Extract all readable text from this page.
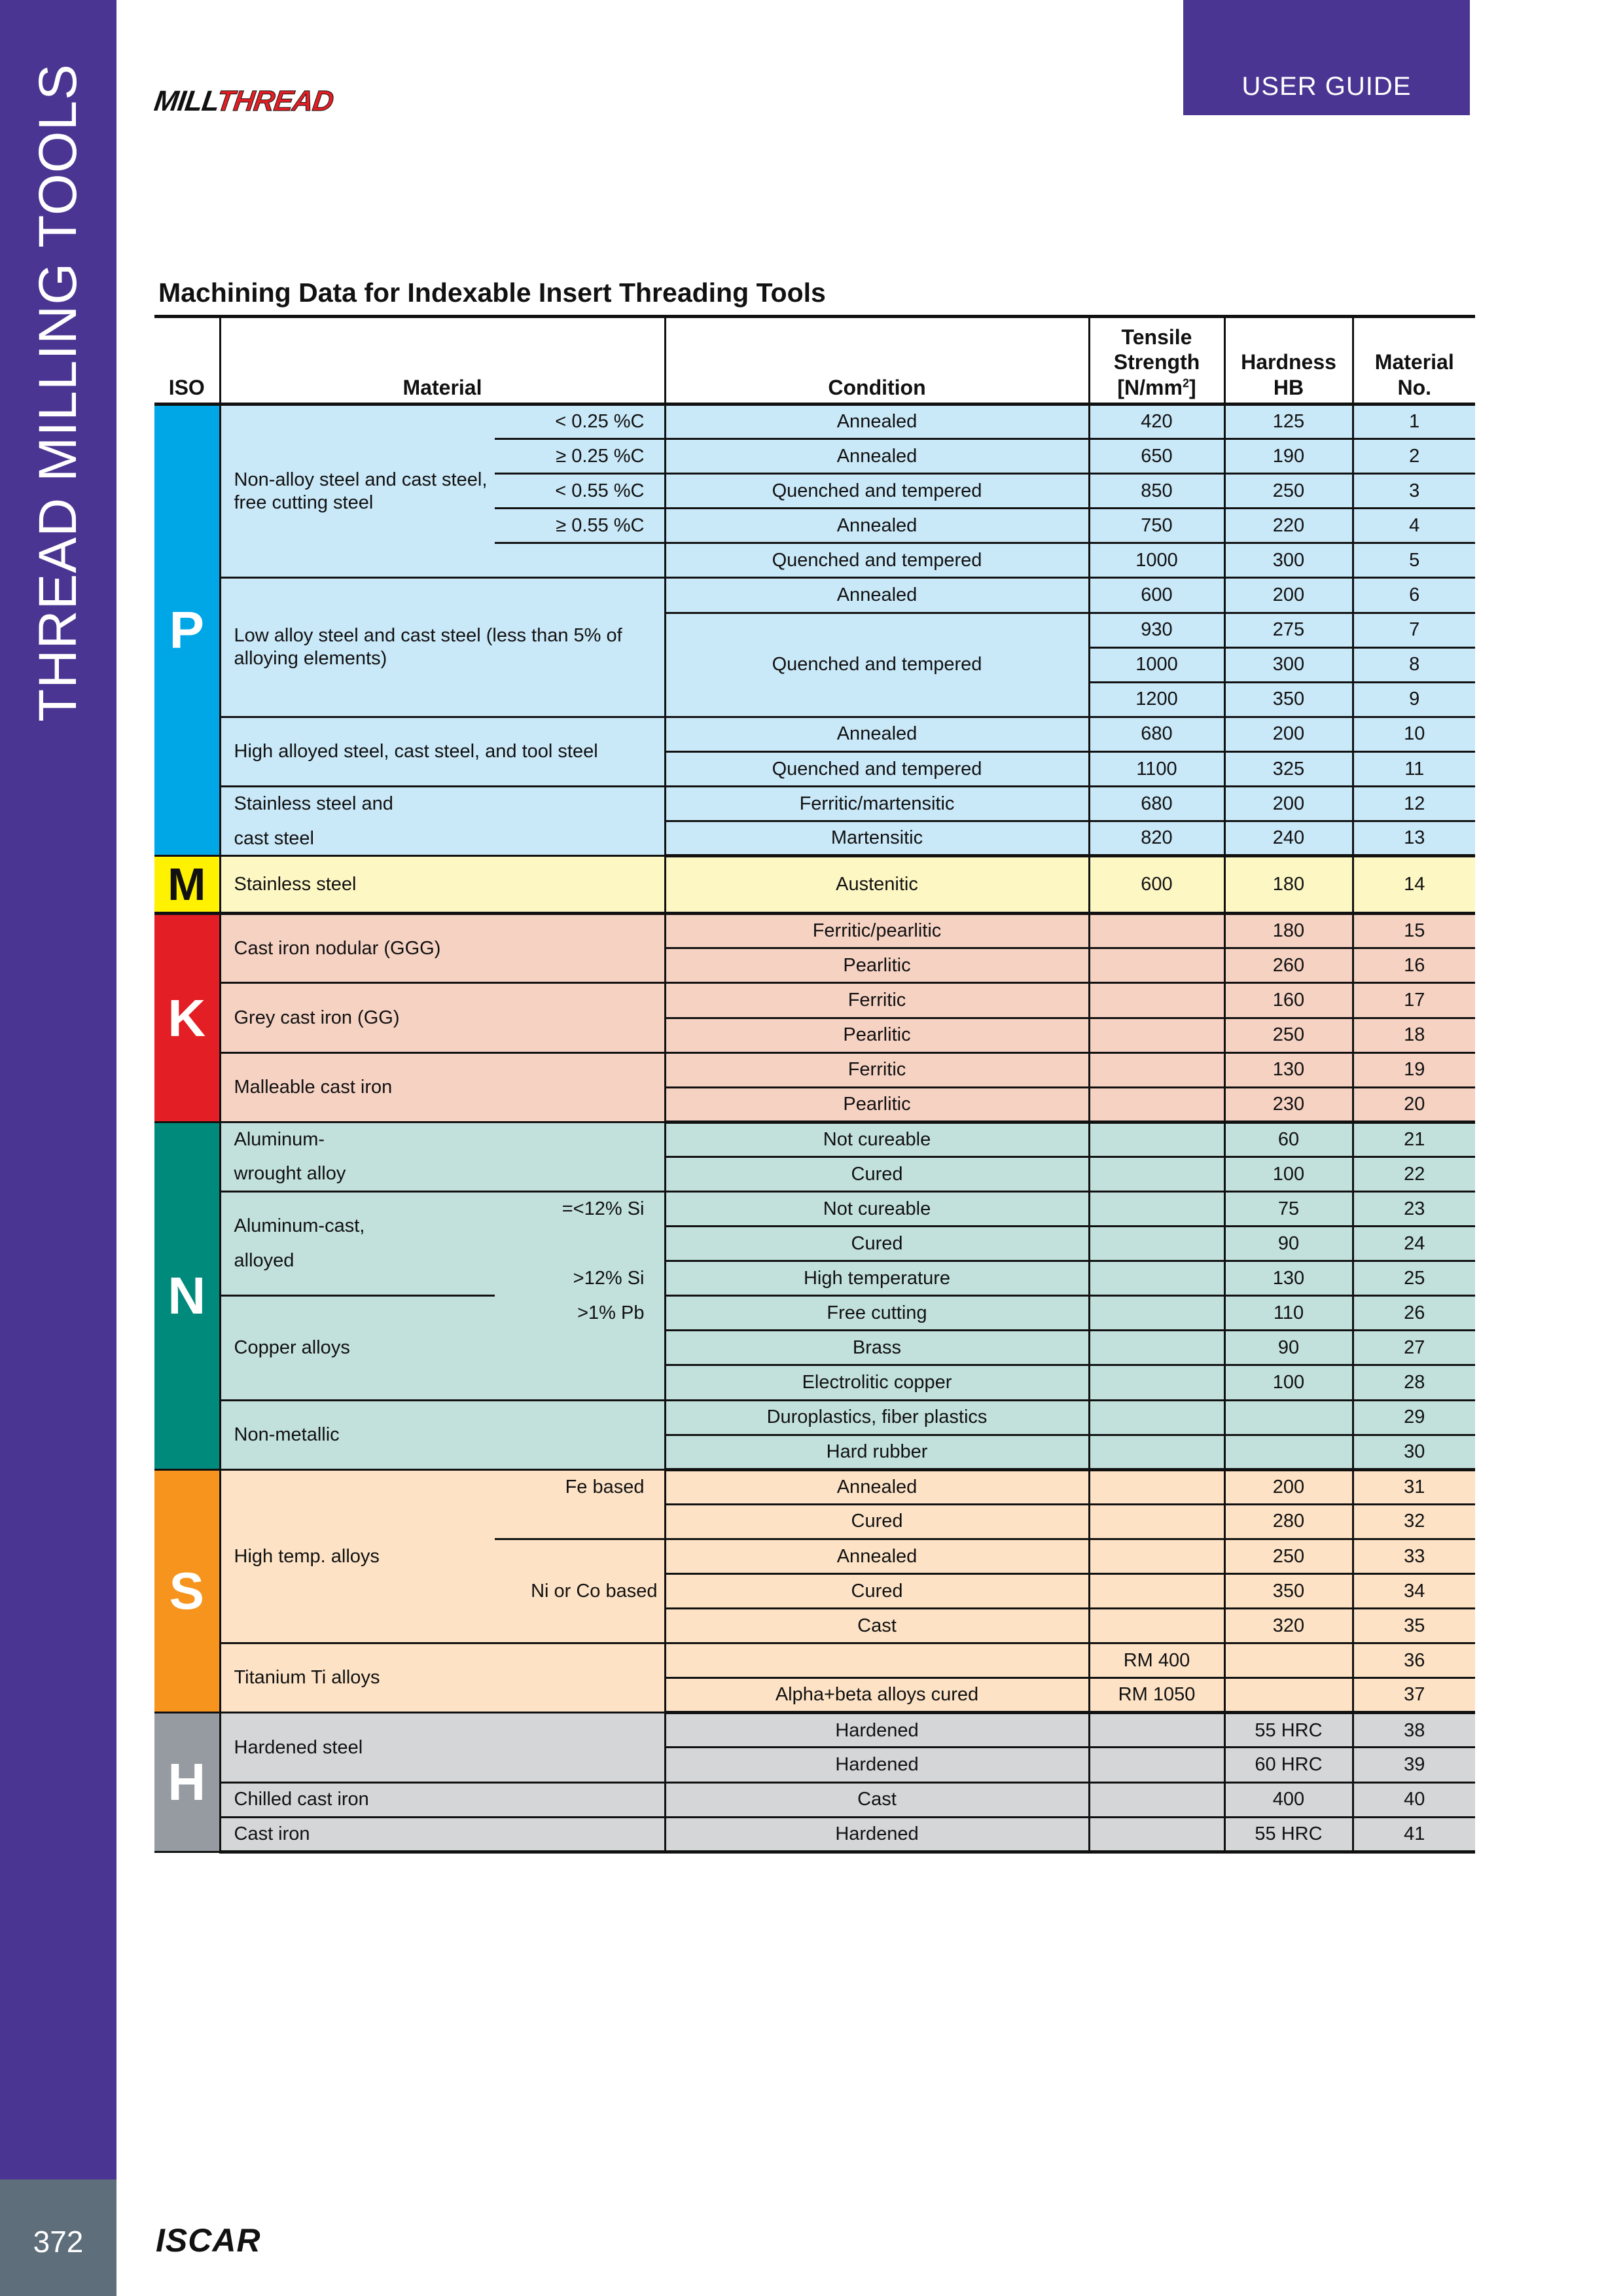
THREAD MILLING TOOLS
372
USER GUIDE
MILLTHREAD
Machining Data for Indexable Insert Threading Tools
ISO	Material		Condition	Tensile
Strength
$[N/mm^2]$	Hardness
HB	Material
No.
P	Non-alloy steel and cast steel, free cutting steel	< 0.25 %C	Annealed	420	125	1
		≥ 0.25 %C	Annealed	650	190	2
		< 0.55 %C	Quenched and tempered	850	250	3
		≥ 0.55 %C	Annealed	750	220	4
			Quenched and tempered	1000	300	5
	Low alloy steel and cast steel (less than 5% of alloying elements)		Annealed	600	200	6
			Quenched and tempered	930	275	7
				1000	300	8
				1200	350	9
	High alloyed steel, cast steel, and tool steel		Annealed	680	200	10
			Quenched and tempered	1100	325	11

	Stainless steel and
cast steel		Ferritic/martensitic	680	200	12
			Martensitic	820	240	13
M	Stainless steel		Austenitic	600	180	14
K	Cast iron nodular (GGG)		Ferritic/pearlitic		180	15
			Pearlitic		260	16
	Grey cast iron (GG)		Ferritic		160	17
			Pearlitic		250	18
	Malleable cast iron		Ferritic		130	19
			Pearlitic		230	20
N	Aluminum-
wrought alloy		Not cureable		60	21
			Cured		100	22

	Aluminum-cast,
alloyed	=<12% Si	Not cureable		75	23
			Cured		90	24
		>12% Si	High temperature		130	25
	Copper alloys	>1% Pb	Free cutting		110	26
			Brass		90	27
			Electrolitic copper		100	28
	Non-metallic		Duroplastics, fiber plastics			29
			Hard rubber			30
S	High temp. alloys	Fe based	Annealed		200	31
			Cured		280	32
		Ni or Co based	Annealed		250	33
			Cured		350	34
			Cast		320	35
	Titanium Ti alloys			RM 400		36
			Alpha+beta alloys cured	RM 1050		37
H	Hardened steel		Hardened		55 HRC	38
			Hardened		60 HRC	39
	Chilled cast iron		Cast		400	40
	Cast iron		Hardened		55 HRC	41
ISCAR
